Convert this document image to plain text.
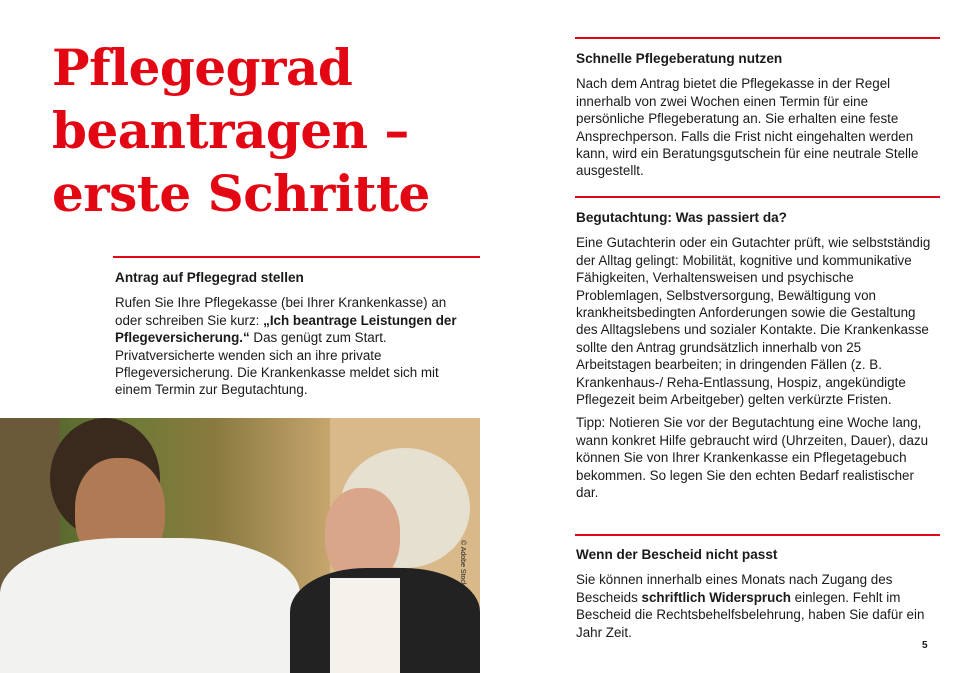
Pflegegrad
beantragen –
erste Schritte
Antrag auf Pflegegrad stellen

Rufen Sie Ihre Pflegekasse (bei Ihrer Krankenkasse) an oder schreiben Sie kurz: „Ich beantrage Leistungen der Pflegeversicherung.“ Das genügt zum Start. Privatversicherte wenden sich an ihre private Pflegeversicherung. Die Krankenkasse meldet sich mit einem Termin zur Begutachtung.

© Adobe Stock
Schnelle Pflegeberatung nutzen

Nach dem Antrag bietet die Pflegekasse in der Regel innerhalb von zwei Wochen einen Termin für eine persönliche Pflegeberatung an. Sie erhalten eine feste Ansprechperson. Falls die Frist nicht eingehalten werden kann, wird ein Beratungsgutschein für eine neutrale Stelle ausgestellt.

Begutachtung: Was passiert da?

Eine Gutachterin oder ein Gutachter prüft, wie selbstständig der Alltag gelingt: Mobilität, kognitive und kommunikative Fähigkeiten, Verhaltensweisen und psychische Problemlagen, Selbstversorgung, Bewältigung von krankheitsbedingten Anforderungen sowie die Gestaltung des Alltagslebens und sozialer Kontakte. Die Krankenkasse sollte den Antrag grundsätzlich innerhalb von 25 Arbeitstagen bearbeiten; in dringenden Fällen (z. B. Krankenhaus-/ Reha-Entlassung, Hospiz, angekündigte Pflegezeit beim Arbeitgeber) gelten verkürzte Fristen.

Tipp: Notieren Sie vor der Begutachtung eine Woche lang, wann konkret Hilfe gebraucht wird (Uhrzeiten, Dauer), dazu können Sie von Ihrer Krankenkasse ein Pflegetagebuch bekommen. So legen Sie den echten Bedarf realistischer dar.

Wenn der Bescheid nicht passt

Sie können innerhalb eines Monats nach Zugang des Bescheids schriftlich Widerspruch einlegen. Fehlt im Bescheid die Rechtsbehelfsbelehrung, haben Sie dafür ein Jahr Zeit.

5
